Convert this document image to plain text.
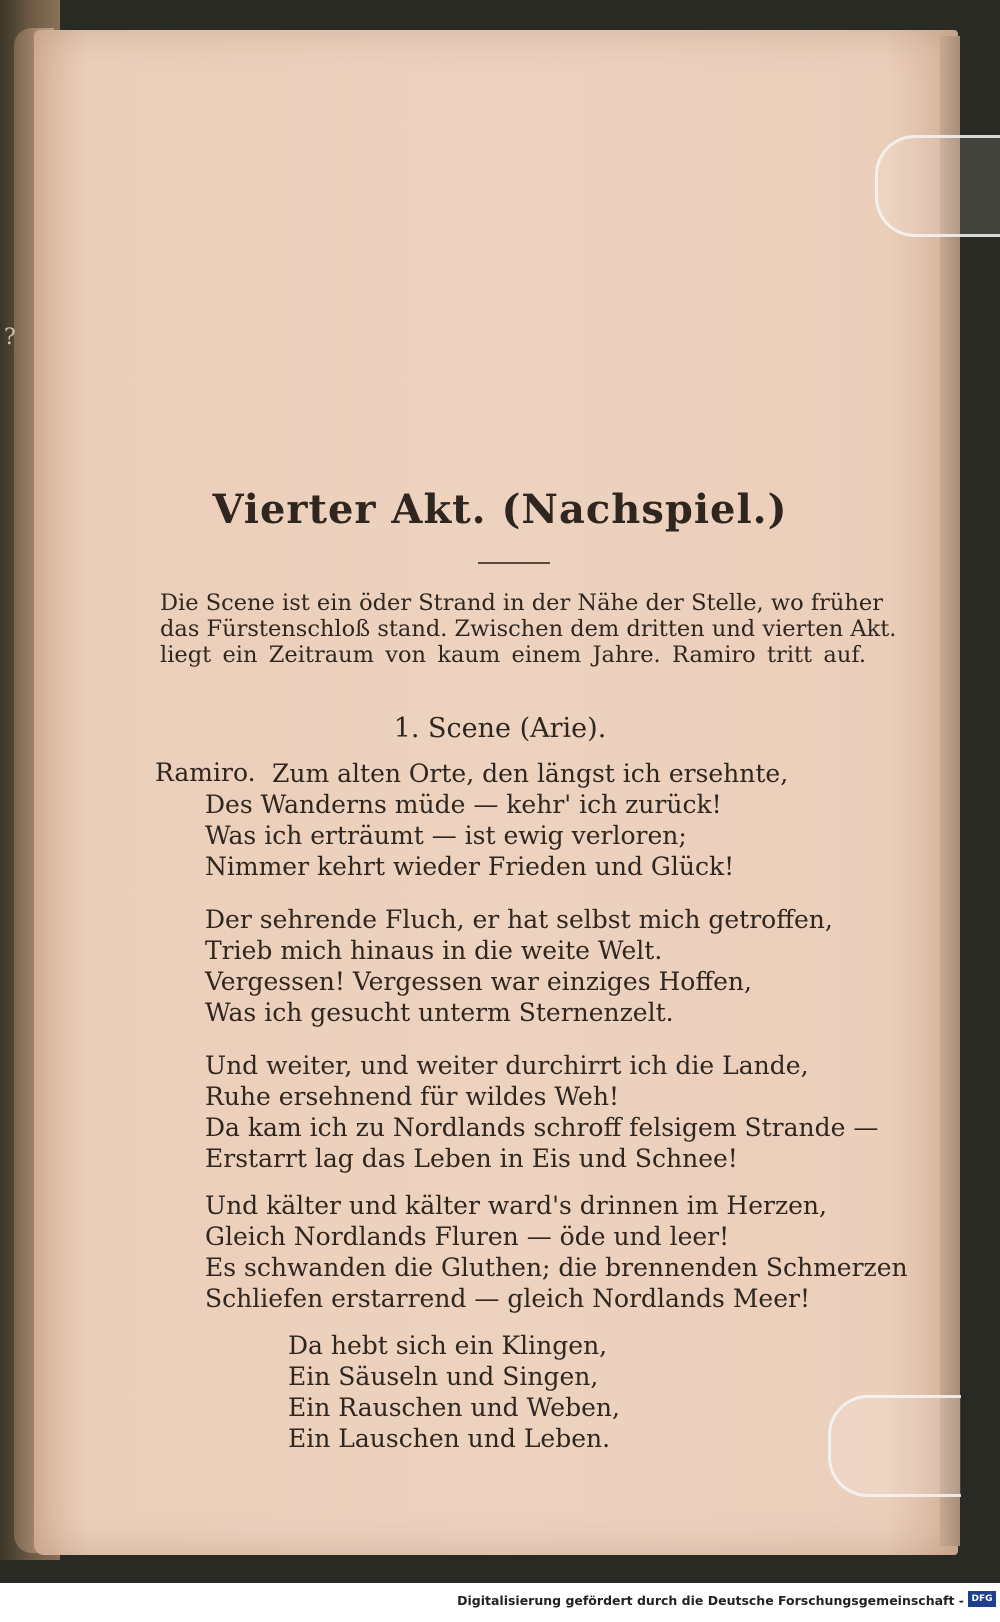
?
Vierter Akt. (Nachspiel.)
Die Scene ist ein öder Strand in der Nähe der Stelle, wo früher
das Fürstenschloß stand. Zwischen dem dritten und vierten Akt.
liegt ein Zeitraum von kaum einem Jahre. Ramiro tritt auf.
1. Scene (Arie).
Ramiro. Zum alten Orte, den längst ich ersehnte,
Des Wanderns müde — kehr' ich zurück!
Was ich erträumt — ist ewig verloren;
Nimmer kehrt wieder Frieden und Glück!
Der sehrende Fluch, er hat selbst mich getroffen,
Trieb mich hinaus in die weite Welt.
Vergessen! Vergessen war einziges Hoffen,
Was ich gesucht unterm Sternenzelt.
Und weiter, und weiter durchirrt ich die Lande,
Ruhe ersehnend für wildes Weh!
Da kam ich zu Nordlands schroff felsigem Strande —
Erstarrt lag das Leben in Eis und Schnee!
Und kälter und kälter ward's drinnen im Herzen,
Gleich Nordlands Fluren — öde und leer!
Es schwanden die Gluthen; die brennenden Schmerzen
Schliefen erstarrend — gleich Nordlands Meer!
Da hebt sich ein Klingen,
Ein Säuseln und Singen,
Ein Rauschen und Weben,
Ein Lauschen und Leben.
Digitalisierung gefördert durch die Deutsche Forschungsgemeinschaft - DFG
